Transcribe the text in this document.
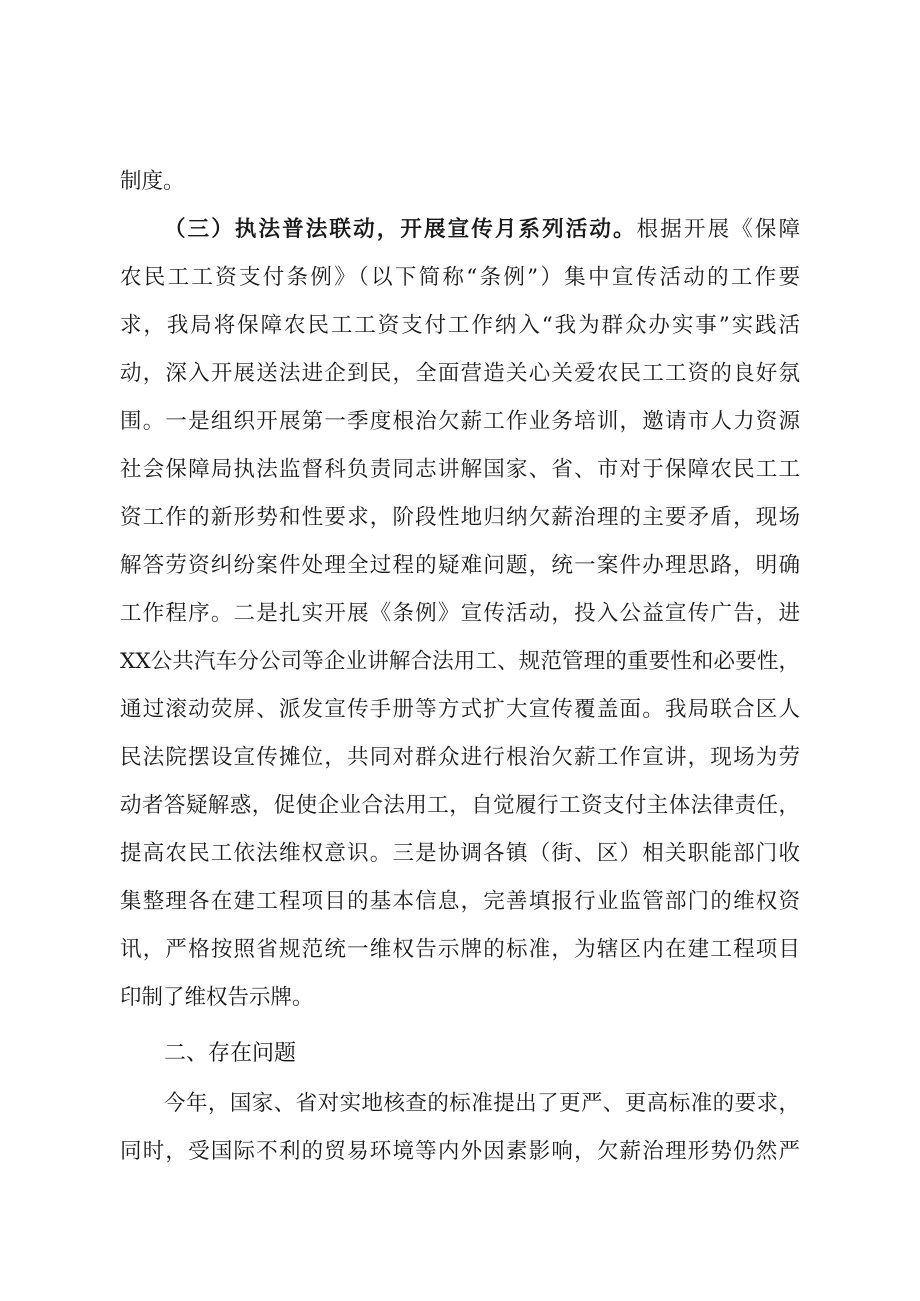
制度。
（三）执法普法联动，开展宣传月系列活动。根据开展《保障
农民工工资支付条例》（以下简称“条例”）集中宣传活动的工作要
求，我局将保障农民工工资支付工作纳入“我为群众办实事”实践活
动，深入开展送法进企到民，全面营造关心关爱农民工工资的良好氛
围。一是组织开展第一季度根治欠薪工作业务培训，邀请市人力资源
社会保障局执法监督科负责同志讲解国家、省、市对于保障农民工工
资工作的新形势和性要求，阶段性地归纳欠薪治理的主要矛盾，现场
解答劳资纠纷案件处理全过程的疑难问题，统一案件办理思路，明确
工作程序。二是扎实开展《条例》宣传活动，投入公益宣传广告，进
XX公共汽车分公司等企业讲解合法用工、规范管理的重要性和必要性，
通过滚动荧屏、派发宣传手册等方式扩大宣传覆盖面。我局联合区人
民法院摆设宣传摊位，共同对群众进行根治欠薪工作宣讲，现场为劳
动者答疑解惑，促使企业合法用工，自觉履行工资支付主体法律责任，
提高农民工依法维权意识。三是协调各镇（街、区）相关职能部门收
集整理各在建工程项目的基本信息，完善填报行业监管部门的维权资
讯，严格按照省规范统一维权告示牌的标准，为辖区内在建工程项目
印制了维权告示牌。
二、存在问题
今年，国家、省对实地核查的标准提出了更严、更高标准的要求，
同时，受国际不利的贸易环境等内外因素影响，欠薪治理形势仍然严
